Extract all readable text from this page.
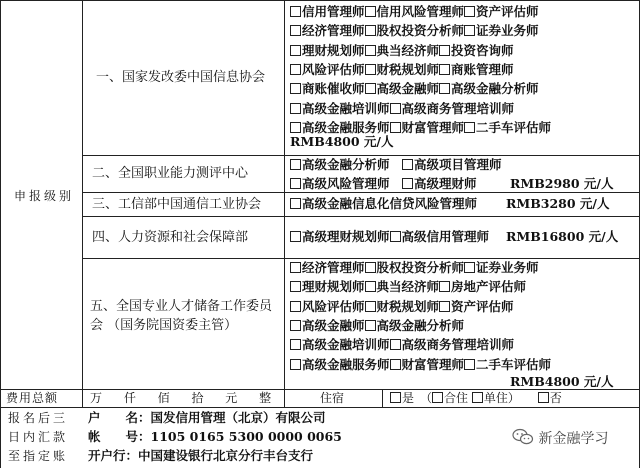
申报级别
一、国家发改委中国信息协会
信用管理师 信用风险管理师 资产评估师
经济管理师 股权投资分析师 证券业务师
理财规划师 典当经济师 投资咨询师
风险评估师 财税规划师 商账管理师
商账催收师 高级金融师 高级金融分析师
高级金融培训师 高级商务管理培训师
高级金融服务师 财富管理师 二手车评估师
RMB4800 元/人
二、全国职业能力测评中心
高级金融分析师　 高级项目管理师
高级风险管理师　 高级理财师	RMB2980 元/人
三、工信部中国通信工业协会	高级金融信息化信贷风险管理师 RMB3280 元/人
四、人力资源和社会保障部	高级理财规划师 高级信用管理师 RMB16800 元/人
五、全国专业人才储备工作委员
会 （国务院国资委主管）
经济管理师 股权投资分析师 证券业务师
理财规划师 典当经济师 房地产评估师
风险评估师 财税规划师 资产评估师
高级金融师 高级金融分析师
高级金融培训师 高级商务管理培训师
高级金融服务师 财富管理师 二手车评估师
RMB4800 元/人
费用总额	万 仟 佰 拾 元 整	住宿	是　（ 合住 单住）　　否
报名后三
日内汇款
至指定账
户　　名：国发信用管理（北京）有限公司
帐　　号：1105 0165 5300 0000 0065
开户行：中国建设银行北京分行丰台支行
新金融学习
